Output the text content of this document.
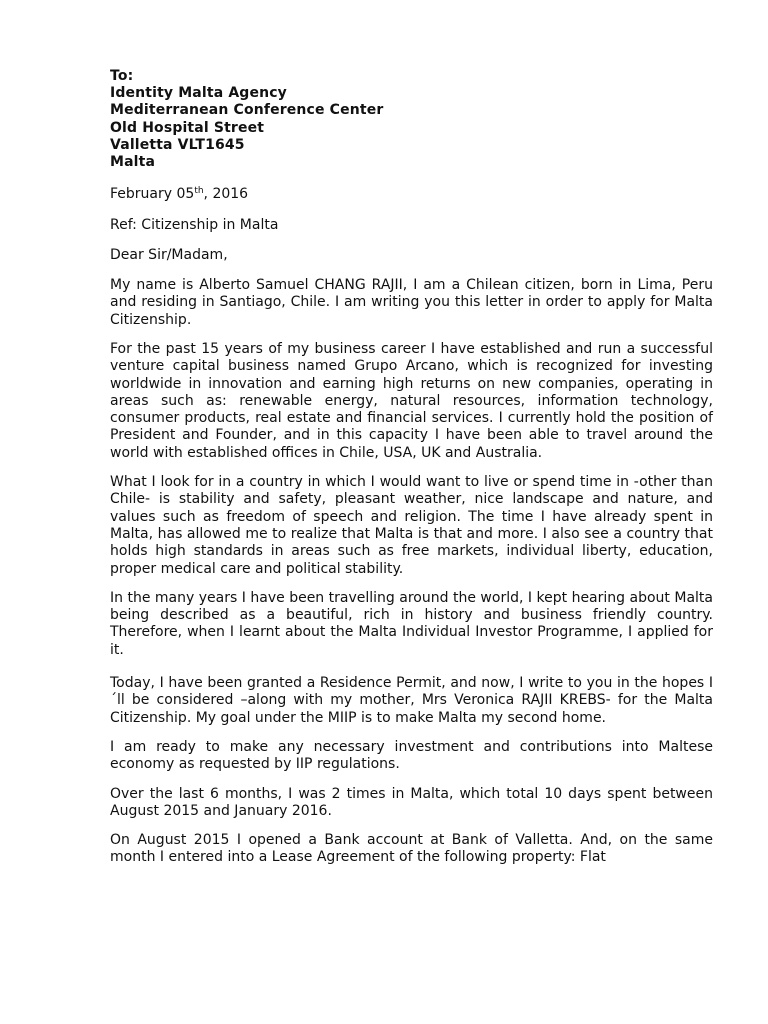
To:

Identity Malta Agency

Mediterranean Conference Center

Old Hospital Street

Valletta VLT1645

Malta

February 05th, 2016

Ref: Citizenship in Malta

Dear Sir/Madam,

My name is Alberto Samuel CHANG RAJII, I am a Chilean citizen, born in Lima, Peru and residing in Santiago, Chile. I am writing you this letter in order to apply for Malta Citizenship.

For the past 15 years of my business career I have established and run a successful venture capital business named Grupo Arcano, which is recognized for investing worldwide in innovation and earning high returns on new companies, operating in areas such as: renewable energy, natural resources, information technology, consumer products, real estate and financial services. I currently hold the position of President and Founder, and in this capacity I have been able to travel around the world with established offices in Chile, USA, UK and Australia.

What I look for in a country in which I would want to live or spend time in -other than Chile- is stability and safety, pleasant weather, nice landscape and nature, and values such as freedom of speech and religion. The time I have already spent in Malta, has allowed me to realize that Malta is that and more. I also see a country that holds high standards in areas such as free markets, individual liberty, education, proper medical care and political stability.

In the many years I have been travelling around the world, I kept hearing about Malta being described as a beautiful, rich in history and business friendly country. Therefore, when I learnt about the Malta Individual Investor Programme, I applied for it.

Today, I have been granted a Residence Permit, and now, I write to you in the hopes I´ll be considered –along with my mother, Mrs Veronica RAJII KREBS- for the Malta Citizenship. My goal under the MIIP is to make Malta my second home.

I am ready to make any necessary investment and contributions into Maltese economy as requested by IIP regulations.

Over the last 6 months, I was 2 times in Malta, which total 10 days spent between August 2015 and January 2016.

On August 2015 I opened a Bank account at Bank of Valletta. And, on the same month I entered into a Lease Agreement of the following property: Flat
